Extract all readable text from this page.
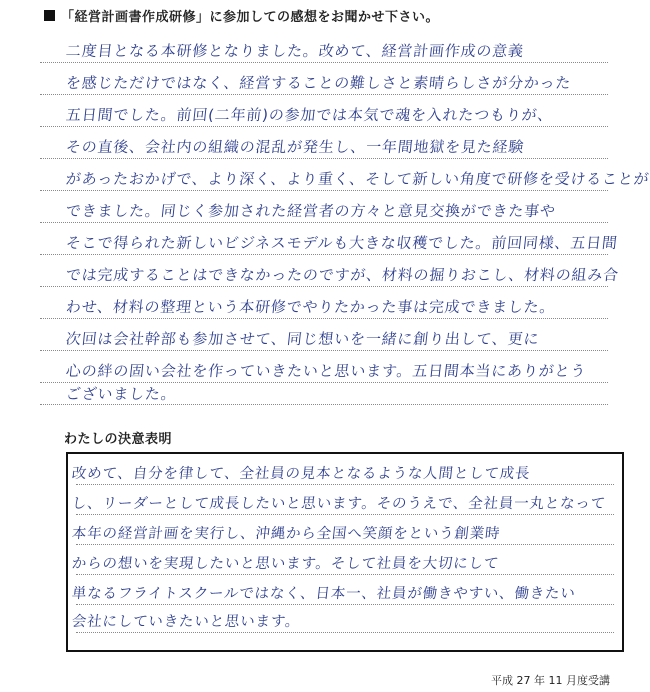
「経営計画書作成研修」に参加しての感想をお聞かせ下さい。
二度目となる本研修となりました。改めて、経営計画作成の意義
を感じただけではなく、経営することの難しさと素晴らしさが分かった
五日間でした。前回(二年前)の参加では本気で魂を入れたつもりが、
その直後、会社内の組織の混乱が発生し、一年間地獄を見た経験
があったおかげで、より深く、より重く、そして新しい角度で研修を受けることが
できました。同じく参加された経営者の方々と意見交換ができた事や
そこで得られた新しいビジネスモデルも大きな収穫でした。前回同様、五日間
では完成することはできなかったのですが、材料の掘りおこし、材料の組み合
わせ、材料の整理という本研修でやりたかった事は完成できました。
次回は会社幹部も参加させて、同じ想いを一緒に創り出して、更に
心の絆の固い会社を作っていきたいと思います。五日間本当にありがとう
ございました。
わたしの決意表明
改めて、自分を律して、全社員の見本となるような人間として成長
し、リーダーとして成長したいと思います。そのうえで、全社員一丸となって
本年の経営計画を実行し、沖縄から全国へ笑顔をという創業時
からの想いを実現したいと思います。そして社員を大切にして
単なるフライトスクールではなく、日本一、社員が働きやすい、働きたい
会社にしていきたいと思います。
平成 27 年 11 月度受講
